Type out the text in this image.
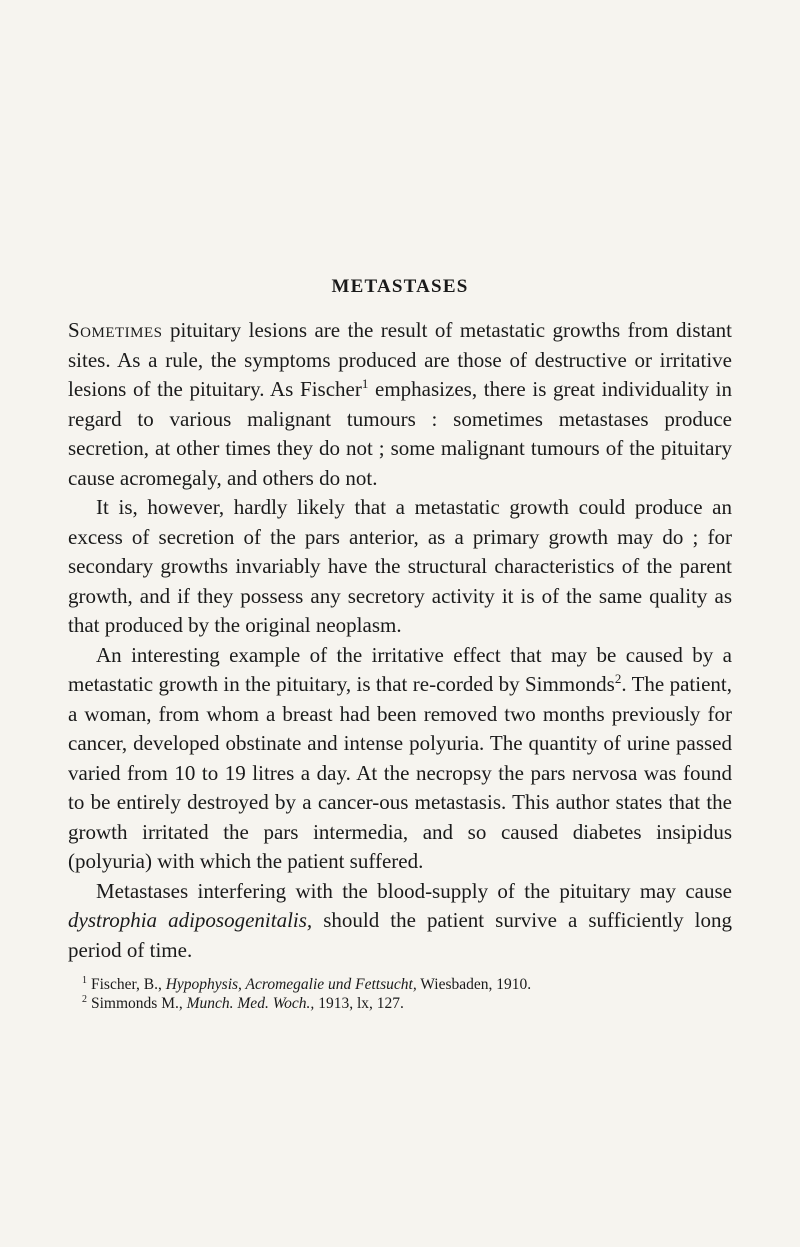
METASTASES

Sometimes pituitary lesions are the result of metastatic growths from distant sites. As a rule, the symptoms produced are those of destructive or irritative lesions of the pituitary. As Fischer$^1$ emphasizes, there is great individuality in regard to various malignant tumours : sometimes metastases produce secretion, at other times they do not ; some malignant tumours of the pituitary cause acromegaly, and others do not.

It is, however, hardly likely that a metastatic growth could produce an excess of secretion of the pars anterior, as a primary growth may do ; for secondary growths invariably have the structural characteristics of the parent growth, and if they possess any secretory activity it is of the same quality as that produced by the original neoplasm.

An interesting example of the irritative effect that may be caused by a metastatic growth in the pituitary, is that re-corded by Simmonds$^2$. The patient, a woman, from whom a breast had been removed two months previously for cancer, developed obstinate and intense polyuria. The quantity of urine passed varied from 10 to 19 litres a day. At the necropsy the pars nervosa was found to be entirely destroyed by a cancer-ous metastasis. This author states that the growth irritated the pars intermedia, and so caused diabetes insipidus (polyuria) with which the patient suffered.

Metastases interfering with the blood-supply of the pituitary may cause dystrophia adiposogenitalis, should the patient survive a sufficiently long period of time.

$^1$ Fischer, B., Hypophysis, Acromegalie und Fettsucht, Wiesbaden, 1910.
$^2$ Simmonds M., Munch. Med. Woch., 1913, lx, 127.
